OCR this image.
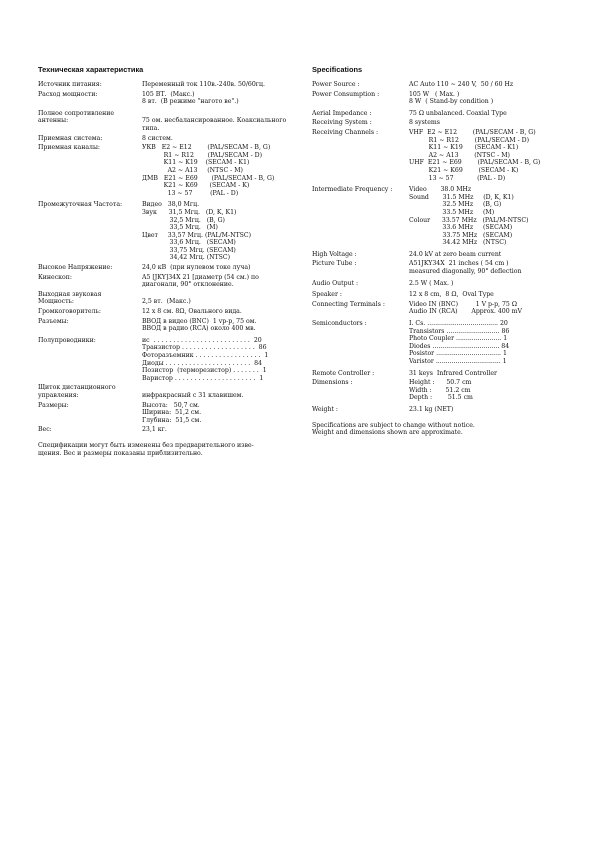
Техническая характеристика
Источник питания:	Переменный ток 110в.-240в. 50/60гц.
Расход мощности:	105 ВТ.  (Макс.)
8 вт.  (В режиме "нагото ве".)
Полное сопротивление
антенны:
	75 ом. несбалансированное. Коаксиального
типа.
Приемная система:	8 систем.
Приемная каналы:	УКВ   E2 ~ E12        (PAL/SECAM - B, G)
R1 ~ R12       (PAL/SECAM - D)
K11 ~ K19    (SECAM - K1)
A2 ~ A13     (NTSC - M)
ДМВ   E21 ~ E69       (PAL/SECAM - B, G)
K21 ~ K69      (SECAM - K)
13 ~ 57         (PAL - D)
Промежуточная Частота:	Видео   38,0 Мгц.
Звук      31,5 Мгц.   (D, K, K1)
32,5 Мгц.   (B, G)
33,5 Мгц.   (M)
Цвет     33,57 Мгц. (PAL/M-NTSC)
33,6 Мгц.   (SECAM)
33,75 Мгц. (SECAM)
34,42 Мгц. (NTSC)
Высокое Напряжение:	24,0 кВ  (при нулевом токе луча)
Кинескоп:	A5 [JKY]34X 21 [диаметр (54 см.) по
диагонали, 90° отклонение.
Выходная звуковая
Мощность:
	2,5 вт.  (Макс.)
Громкоговоритель:	12 x 8 см. 8Ω, Овального вида.
Разъемы:	ВВОД в видео (BNC)  1 vp-p, 75 ом.
ВВОД в радио (RCA) около 400 мв.
Полупроводники:	ис  . . . . . . . . . . . . . . . . . . . . . . . . .  20
Транзистор . . . . . . . . . . . . . . . . . . .  86
Фоторазъемник . . . . . . . . . . . . . . . . .  1
Диоды . . . . . . . . . . . . . . . . . . . . . .  84
Позистор  (терморезистор) . . . . . . .  1
Варистор . . . . . . . . . . . . . . . . . . . . .  1
Щиток дистанционного
управления:
	инфракрасный с 31 клавишем.
Размеры:	Высота:   50,7 см.
Ширина:  51,2 см.
Глубина:  51,5 см.
Вес:	23,1 кг.
Спецификации могут быть изменены без предварительного изве-
щения. Вес и размеры показаны приблизительно.
Specifications
Power Source :	AC Auto 110 ~ 240 V,  50 / 60 Hz
Power Consumption :	105 W   ( Max. )
8 W  ( Stand-by condition )
Aerial Impedance :	75 Ω unbalanced. Coaxial Type
Receiving System :	8 systems
Receiving Channels :	VHF  E2 ~ E12        (PAL/SECAM - B, G)
R1 ~ R12        (PAL/SECAM - D)
K11 ~ K19      (SECAM - K1)
A2 ~ A13        (NTSC - M)
UHF  E21 ~ E69        (PAL/SECAM - B, G)
K21 ~ K69        (SECAM - K)
13 ~ 57            (PAL - D)
Intermediate Frequency :	Video       38.0 MHz
Sound       31.5 MHz     (D, K, K1)
32.5 MHz     (B, G)
33.5 MHz     (M)
Colour      33.57 MHz   (PAL/M-NTSC)
33.6 MHz     (SECAM)
33.75 MHz   (SECAM)
34.42 MHz   (NTSC)
High Voltage :	24.0 kV at zero beam current
Picture Tube :	A51JKY34X  21 inches ( 54 cm )
measured diagonally, 90° deflection
Audio Output :	2.5 W ( Max. )
Speaker :	12 x 8 cm,  8 Ω,  Oval Type
Connecting Terminals :	Video IN (BNC)         1 V p-p, 75 Ω
Audio IN (RCA)       Approx. 400 mV
Semiconductors :	I. Cs. .................................... 20
Transistors ........................... 86
Photo Coupler ....................... 1
Diodes .................................. 84
Posistor ................................. 1
Varistor ................................. 1
Remote Controller :	31 keys  Infrared Controller
Dimensions :	Height :      50.7 cm
Width :       51.2 cm
Depth :        51.5 cm
Weight :	23.1 kg (NET)
Specifications are subject to change without notice.
Weight and dimensions shown are approximate.
